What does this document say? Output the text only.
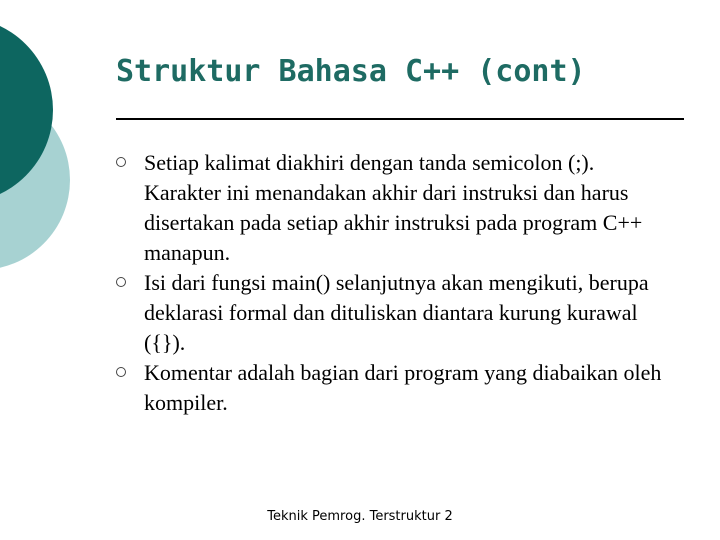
Struktur Bahasa C++ (cont)
Setiap kalimat diakhiri dengan tanda semicolon (;). Karakter ini menandakan akhir dari instruksi dan harus disertakan pada setiap akhir instruksi pada program C++ manapun.
Isi dari fungsi main() selanjutnya akan mengikuti, berupa deklarasi formal dan dituliskan diantara kurung kurawal ({}).
Komentar adalah bagian dari program yang diabaikan oleh kompiler.
Teknik Pemrog. Terstruktur 2
